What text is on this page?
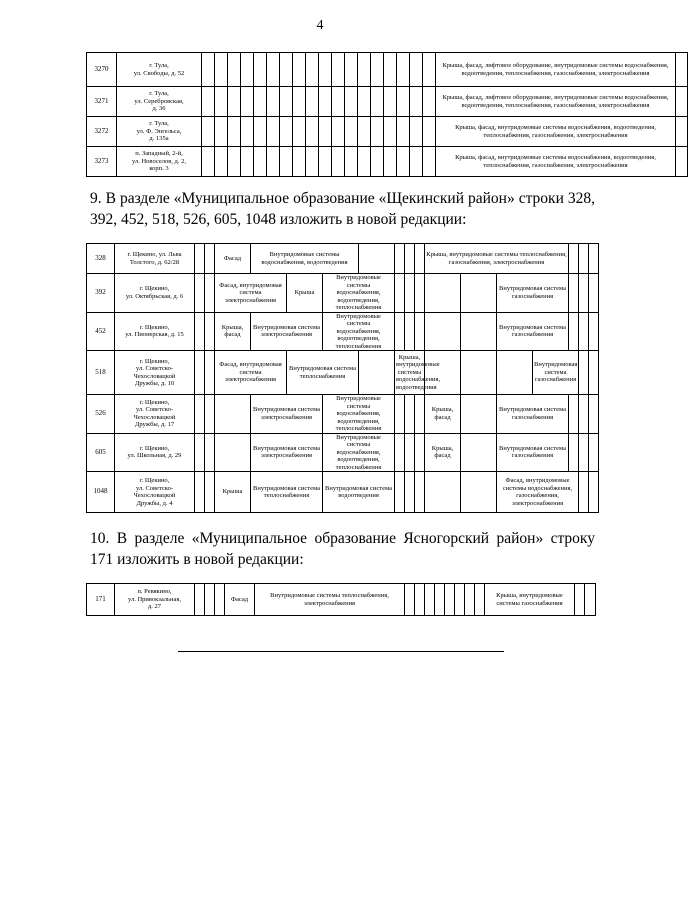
4
3270	г. Тула,
ул. Свободы, д. 52																			Крыша, фасад, лифтовое оборудование, внутридомовые системы водоснабжения, водоотведения, теплоснабжения, газоснабжения, электроснабжения	
3271	г. Тула,
ул. Серебровская,
д. 36																			Крыша, фасад, лифтовое оборудование, внутридомовые системы водоснабжения, водоотведения, теплоснабжения, газоснабжения, электроснабжения	
3272	г. Тула,
ул. Ф. Энгельса,
д. 135а																			Крыша, фасад, внутридомовые системы водоснабжения, водоотведения, теплоснабжения, газоснабжения, электроснабжения	
3273	п. Западный, 2-й,
ул. Новоселов, д. 2,
корп. 3																			Крыша, фасад, внутридомовые системы водоснабжения, водоотведения, теплоснабжения, газоснабжения, электроснабжения	
9. В разделе «Муниципальное образование «Щекинский район» строки 328, 392, 452, 518, 526, 605, 1048 изложить в новой редакции:
328	г. Щекино, ул. Льва Толстого, д. 62/28			Фасад	Внутридомовые системы водоснабжения, водоотведения							Крыша, внутридомовые системы теплоснабжения, газоснабжения, электроснабжения							
392	г. Щекино,
ул. Октябрьская, д. 6			Фасад, внутридомовая система электроснабжения		Крыша	Внутридомовые системы водоснабжения, водоотведения, теплоснабжения							Внутридомовая система газоснабжения					
452	г. Щекино,
ул. Пионерская, д. 15			Крыша, фасад	Внутридомовая система электроснабжения		Внутридомовые системы водоснабжения, водоотведения, теплоснабжения							Внутридомовая система газоснабжения					
518	г. Щекино,
ул. Советско-
Чехословацкой
Дружбы, д. 10			Фасад, внутридомовая система электроснабжения		Внутридомовая система теплоснабжения			Крыша, внутридомовые системы водоснабжения, водоотведения						Внутридомовая система газоснабжения				
526	г. Щекино,
ул. Советско-
Чехословацкой
Дружбы, д. 17				Внутридомовая система электроснабжения		Внутридомовые системы водоснабжения, водоотведения, теплоснабжения					Крыша, фасад		Внутридомовая система газоснабжения					
605	г. Щекино,
ул. Школьная, д. 29				Внутридомовая система электроснабжения		Внутридомовые системы водоснабжения, водоотведения, теплоснабжения					Крыша, фасад		Внутридомовая система газоснабжения					
1048	г. Щекино,
ул. Советско-
Чехословацкой
Дружбы, д. 4			Крыша	Внутридомовая система теплоснабжения		Внутридомовая система водоотведения							Фасад, внутридомовые системы водоснабжения, газоснабжения, электроснабжения					
10. В разделе «Муниципальное образование Ясногорский район» строку 171 изложить в новой редакции:
171	п. Ревякино,
ул. Привокзальная,
д. 27				Фасад	Внутридомовые системы теплоснабжения, электроснабжения									Крыша, внутридомовые системы газоснабжения		
